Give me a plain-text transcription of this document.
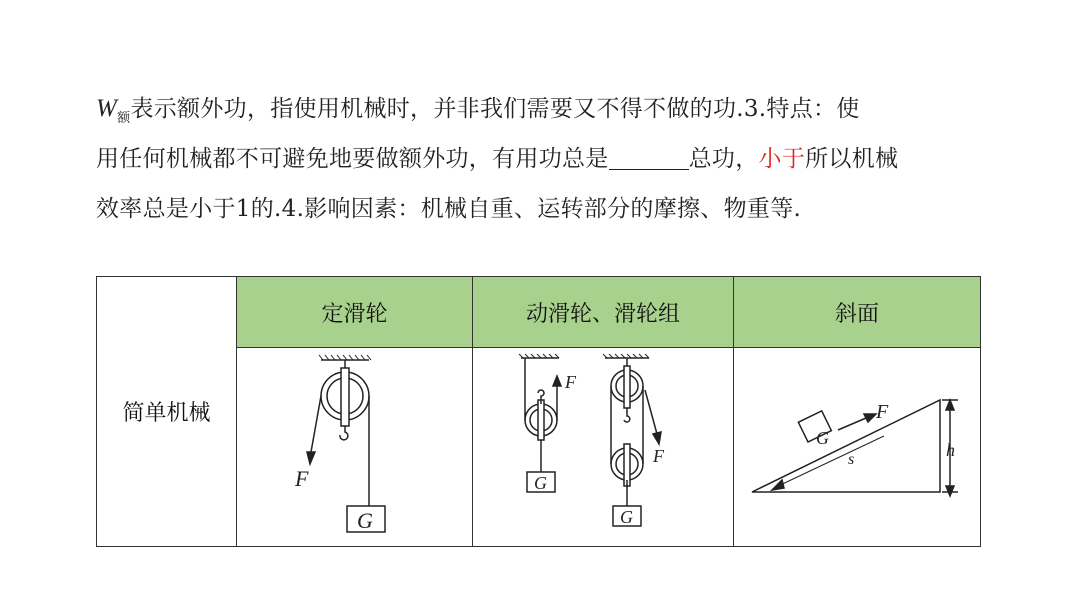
$W_额$表示额外功，指使用机械时，并非我们需要又不得不做的功.3.特点：使
用任何机械都不可避免地要做额外功，有用功总是	总功，小于所以机械
效率总是小于1的.4.影响因素：机械自重、运转部分的摩擦、物重等.
简单机械	定滑轮	动滑轮、滑轮组	斜面

F
G	F
G
F
G	G
F
s h
